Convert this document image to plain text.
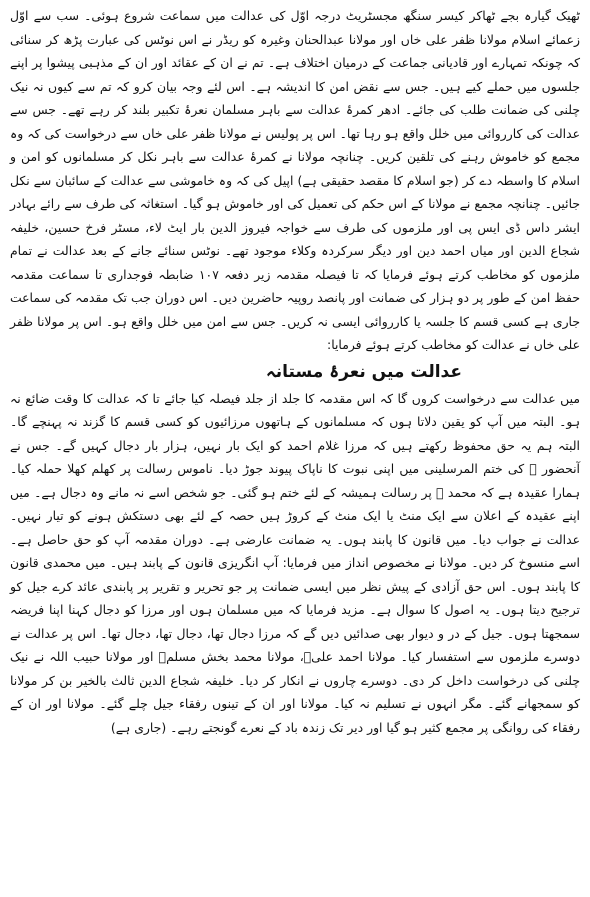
ٹھیک گیارہ بجے ٹھاکر کیسر سنگھ مجسٹریٹ درجہ اوّل کی عدالت میں سماعت شروع ہوئی۔ سب سے اوّل زعمائے اسلام مولانا ظفر علی خاں اور مولانا عبدالحنان وغیرہ کو ریڈر نے اس نوٹس کی عبارت پڑھ کر سنائی کہ چونکہ تمہارے اور قادیانی جماعت کے درمیان اختلاف ہے۔ تم نے ان کے عقائد اور ان کے مذہبی پیشوا پر اپنے جلسوں میں حملے کیے ہیں۔ جس سے نقض امن کا اندیشہ ہے۔ اس لئے وجہ بیان کرو کہ تم سے کیوں نہ نیک چلنی کی ضمانت طلب کی جائے۔ ادھر کمرۂ عدالت سے باہر مسلمان نعرۂ تکبیر بلند کر رہے تھے۔ جس سے عدالت کی کارروائی میں خلل واقع ہو رہا تھا۔ اس پر پولیس نے مولانا ظفر علی خاں سے درخواست کی کہ وہ مجمع کو خاموش رہنے کی تلقین کریں۔ چنانچہ مولانا نے کمرۂ عدالت سے باہر نکل کر مسلمانوں کو امن و اسلام کا واسطہ دے کر (جو اسلام کا مقصد حقیقی ہے) اپیل کی کہ وہ خاموشی سے عدالت کے سائبان سے نکل جائیں۔ چنانچہ مجمع نے مولانا کے اس حکم کی تعمیل کی اور خاموش ہو گیا۔ استغاثہ کی طرف سے رائے بہادر ایشر داس ڈی ایس پی اور ملزموں کی طرف سے خواجہ فیروز الدین بار ایٹ لاء، مسٹر فرخ حسین، خلیفہ شجاع الدین اور میاں احمد دین اور دیگر سرکردہ وکلاء موجود تھے۔ نوٹس سنائے جانے کے بعد عدالت نے تمام ملزموں کو مخاطب کرتے ہوئے فرمایا کہ تا فیصلہ مقدمہ زیر دفعہ ۱۰۷ ضابطہ فوجداری تا سماعت مقدمہ حفظ امن کے طور پر دو ہزار کی ضمانت اور پانصد روپیہ حاضرین دیں۔ اس دوران جب تک مقدمہ کی سماعت جاری ہے کسی قسم کا جلسہ یا کارروائی ایسی نہ کریں۔ جس سے امن میں خلل واقع ہو۔ اس پر مولانا ظفر علی خاں نے عدالت کو مخاطب کرتے ہوئے فرمایا:

عدالت میں نعرۂ مستانہ

میں عدالت سے درخواست کروں گا کہ اس مقدمہ کا جلد از جلد فیصلہ کیا جائے تا کہ عدالت کا وقت ضائع نہ ہو۔ البتہ میں آپ کو یقین دلاتا ہوں کہ مسلمانوں کے ہاتھوں مرزائیوں کو کسی قسم کا گزند نہ پہنچے گا۔ البتہ ہم یہ حق محفوظ رکھتے ہیں کہ مرزا غلام احمد کو ایک بار نہیں، ہزار بار دجال کہیں گے۔ جس نے آنحضور ﷺ کی ختم المرسلینی میں اپنی نبوت کا ناپاک پیوند جوڑ دیا۔ ناموس رسالت پر کھلم کھلا حملہ کیا۔ ہمارا عقیدہ ہے کہ محمد ﷺ پر رسالت ہمیشہ کے لئے ختم ہو گئی۔ جو شخص اسے نہ مانے وہ دجال ہے۔ میں اپنے عقیدہ کے اعلان سے ایک منٹ یا ایک منٹ کے کروڑ ہیں حصہ کے لئے بھی دستکش ہونے کو تیار نہیں۔ عدالت نے جواب دیا۔ میں قانون کا پابند ہوں۔ یہ ضمانت عارضی ہے۔ دوران مقدمہ آپ کو حق حاصل ہے۔ اسے منسوخ کر دیں۔ مولانا نے مخصوص انداز میں فرمایا: آپ انگریزی قانون کے پابند ہیں۔ میں محمدی قانون کا پابند ہوں۔ اس حق آزادی کے پیش نظر میں ایسی ضمانت پر جو تحریر و تقریر پر پابندی عائد کرے جیل کو ترجیح دیتا ہوں۔ یہ اصول کا سوال ہے۔ مزید فرمایا کہ میں مسلمان ہوں اور مرزا کو دجال کہنا اپنا فریضہ سمجھتا ہوں۔ جیل کے در و دیوار بھی صدائیں دیں گے کہ مرزا دجال تھا، دجال تھا، دجال تھا۔ اس پر عدالت نے دوسرے ملزموں سے استفسار کیا۔ مولانا احمد علیؒ، مولانا محمد بخش مسلمؒ اور مولانا حبیب اللہ نے نیک چلنی کی درخواست داخل کر دی۔ دوسرے چاروں نے انکار کر دیا۔ خلیفہ شجاع الدین ثالث بالخیر بن کر مولانا کو سمجھانے گئے۔ مگر انہوں نے تسلیم نہ کیا۔ مولانا اور ان کے تینوں رفقاء جیل چلے گئے۔ مولانا اور ان کے رفقاء کی روانگی پر مجمع کثیر ہو گیا اور دیر تک زندہ باد کے نعرے گونجتے رہے۔ (جاری ہے)
